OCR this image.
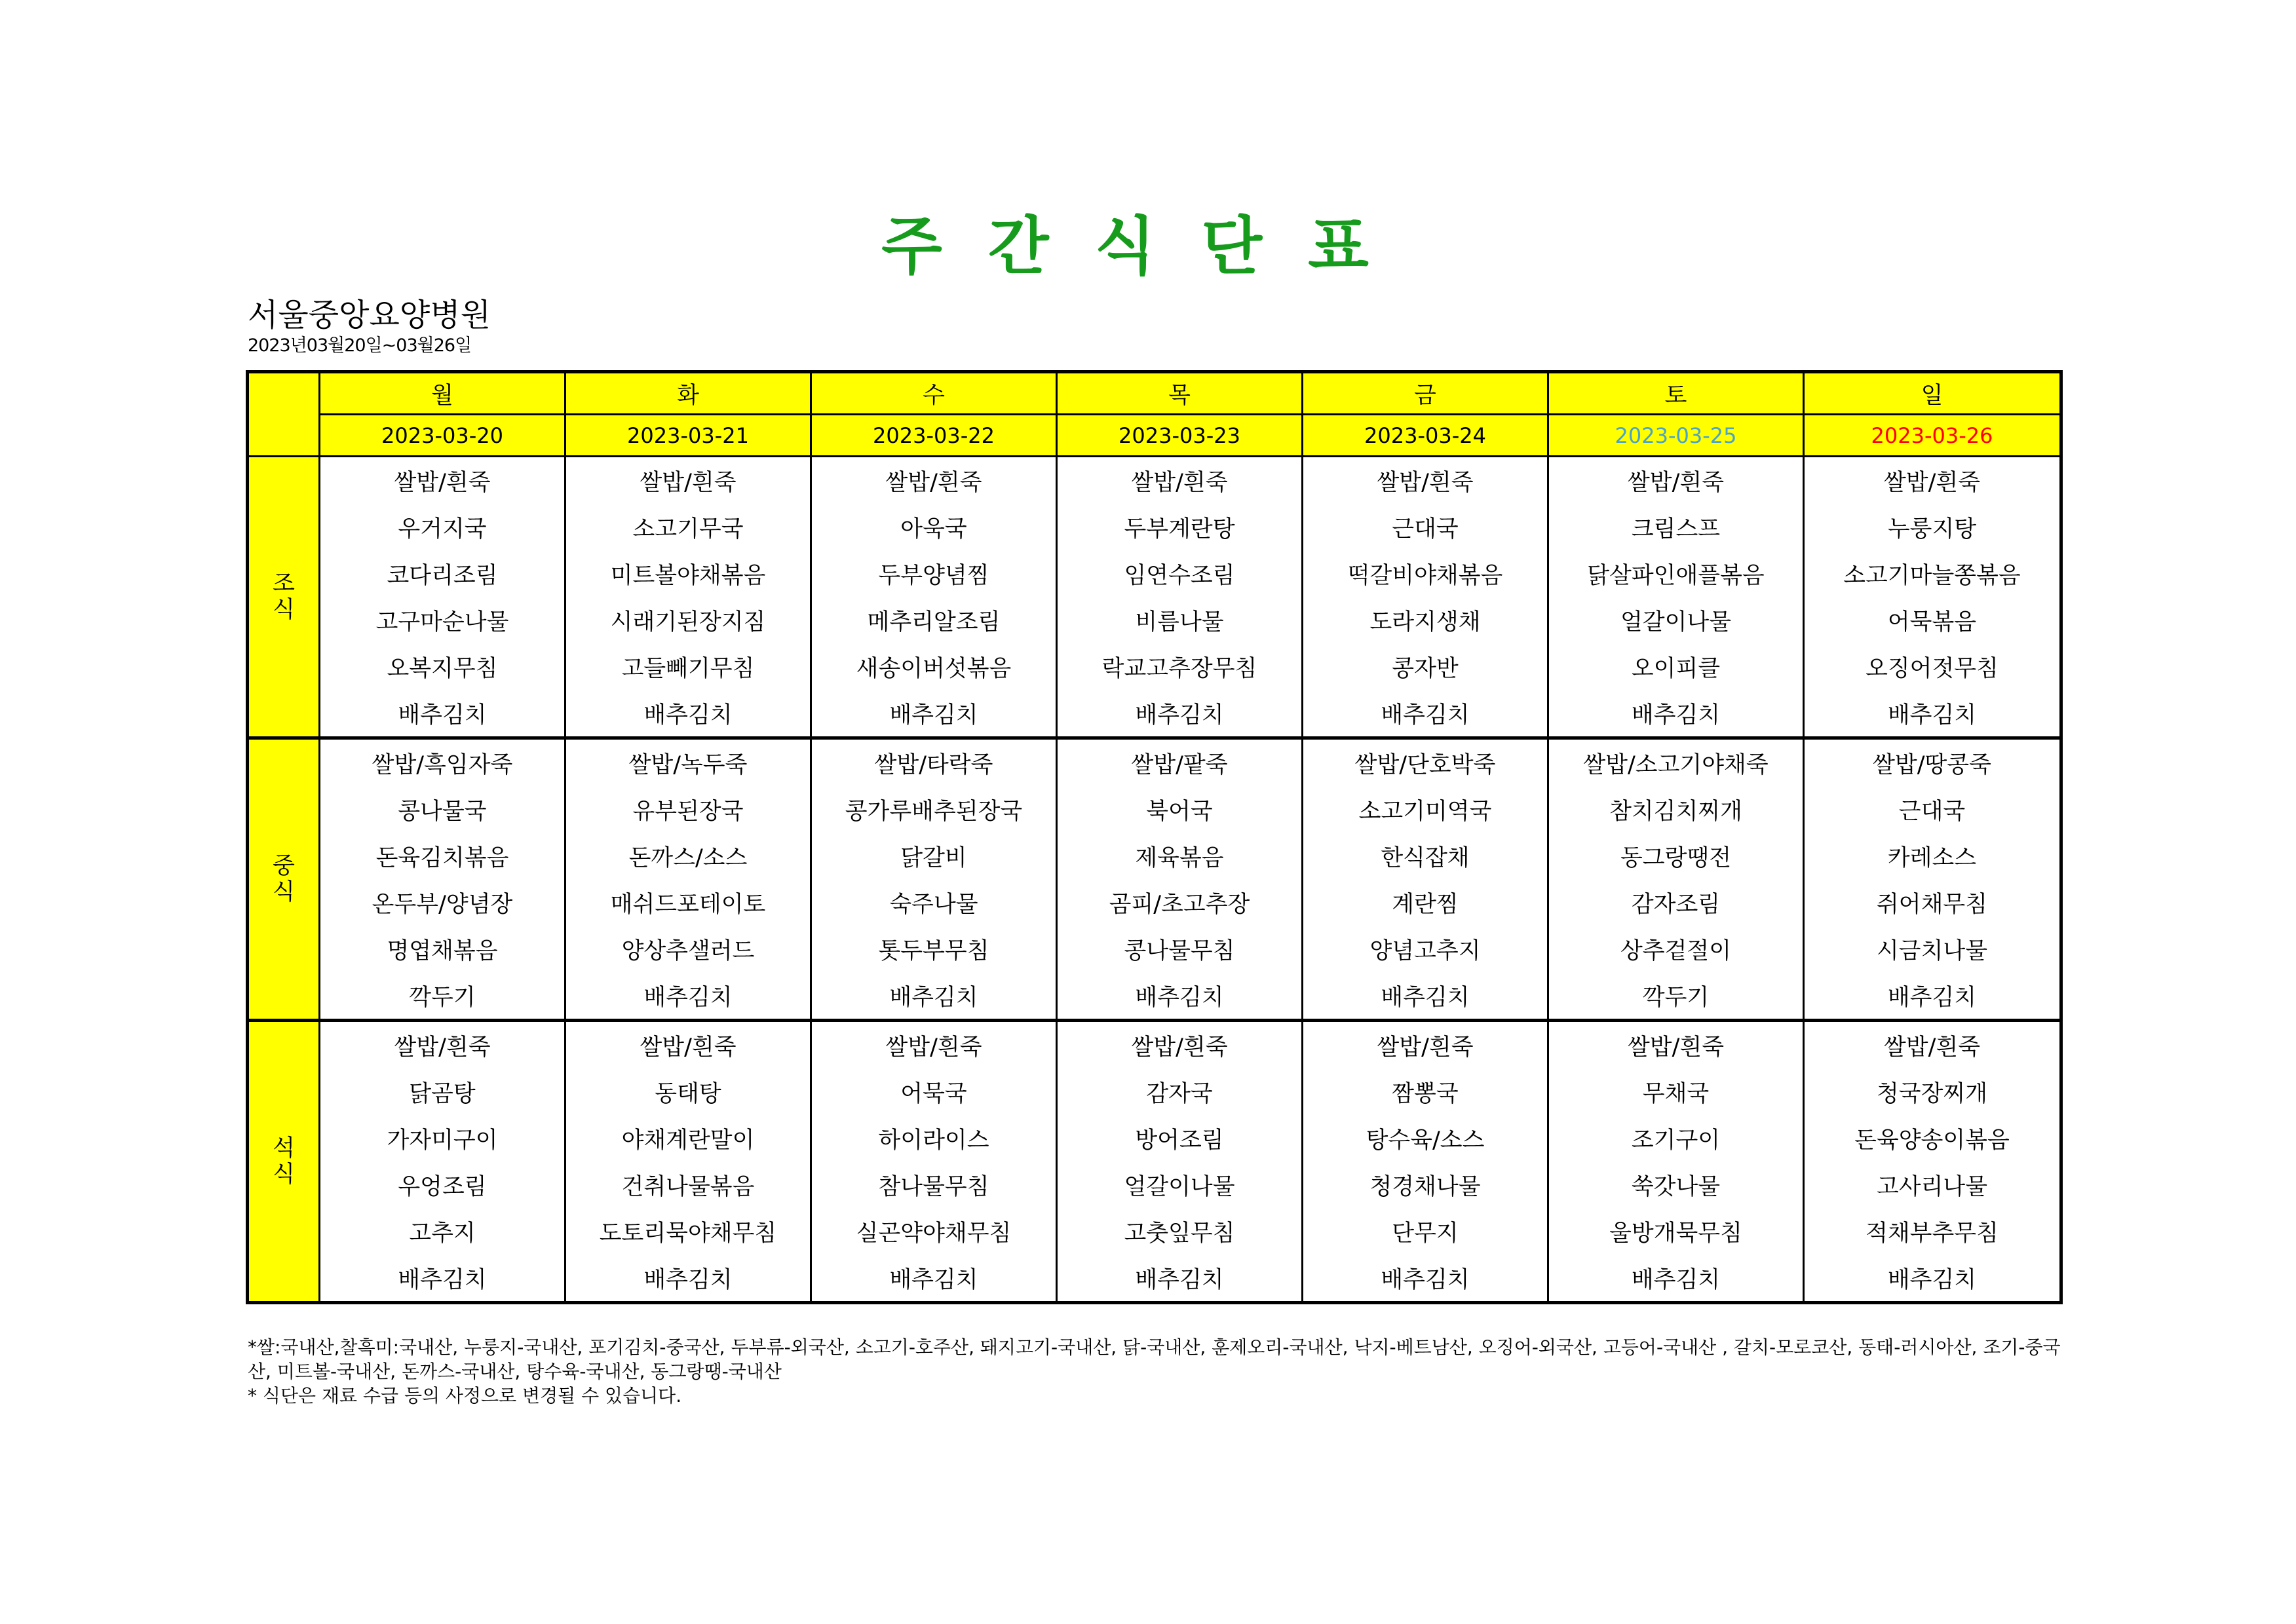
주간식단표
서울중앙요양병원
2023년03월20일~03월26일
	월	화	수	목	금	토	일
	2023-03-20	2023-03-21	2023-03-22	2023-03-23	2023-03-24	2023-03-25	2023-03-26
조
식	쌀밥/흰죽	쌀밥/흰죽	쌀밥/흰죽	쌀밥/흰죽	쌀밥/흰죽	쌀밥/흰죽	쌀밥/흰죽
	우거지국	소고기무국	아욱국	두부계란탕	근대국	크림스프	누룽지탕
	코다리조림	미트볼야채볶음	두부양념찜	임연수조림	떡갈비야채볶음	닭살파인애플볶음	소고기마늘쫑볶음
	고구마순나물	시래기된장지짐	메추리알조림	비름나물	도라지생채	얼갈이나물	어묵볶음
	오복지무침	고들빼기무침	새송이버섯볶음	락교고추장무침	콩자반	오이피클	오징어젓무침
	배추김치	배추김치	배추김치	배추김치	배추김치	배추김치	배추김치
중
식	쌀밥/흑임자죽	쌀밥/녹두죽	쌀밥/타락죽	쌀밥/팥죽	쌀밥/단호박죽	쌀밥/소고기야채죽	쌀밥/땅콩죽
	콩나물국	유부된장국	콩가루배추된장국	북어국	소고기미역국	참치김치찌개	근대국
	돈육김치볶음	돈까스/소스	닭갈비	제육볶음	한식잡채	동그랑땡전	카레소스
	온두부/양념장	매쉬드포테이토	숙주나물	곰피/초고추장	계란찜	감자조림	쥐어채무침
	명엽채볶음	양상추샐러드	톳두부무침	콩나물무침	양념고추지	상추겉절이	시금치나물
	깍두기	배추김치	배추김치	배추김치	배추김치	깍두기	배추김치
석
식	쌀밥/흰죽	쌀밥/흰죽	쌀밥/흰죽	쌀밥/흰죽	쌀밥/흰죽	쌀밥/흰죽	쌀밥/흰죽
	닭곰탕	동태탕	어묵국	감자국	짬뽕국	무채국	청국장찌개
	가자미구이	야채계란말이	하이라이스	방어조림	탕수육/소스	조기구이	돈육양송이볶음
	우엉조림	건취나물볶음	참나물무침	얼갈이나물	청경채나물	쑥갓나물	고사리나물
	고추지	도토리묵야채무침	실곤약야채무침	고춧잎무침	단무지	울방개묵무침	적채부추무침
	배추김치	배추김치	배추김치	배추김치	배추김치	배추김치	배추김치
*쌀:국내산,찰흑미:국내산, 누룽지-국내산, 포기김치-중국산, 두부류-외국산, 소고기-호주산, 돼지고기-국내산, 닭-국내산, 훈제오리-국내산, 낙지-베트남산, 오징어-외국산, 고등어-국내산 , 갈치-모로코산, 동태-러시아산, 조기-중국산, 미트볼-국내산, 돈까스-국내산, 탕수육-국내산, 동그랑땡-국내산
* 식단은 재료 수급 등의 사정으로 변경될 수 있습니다.
